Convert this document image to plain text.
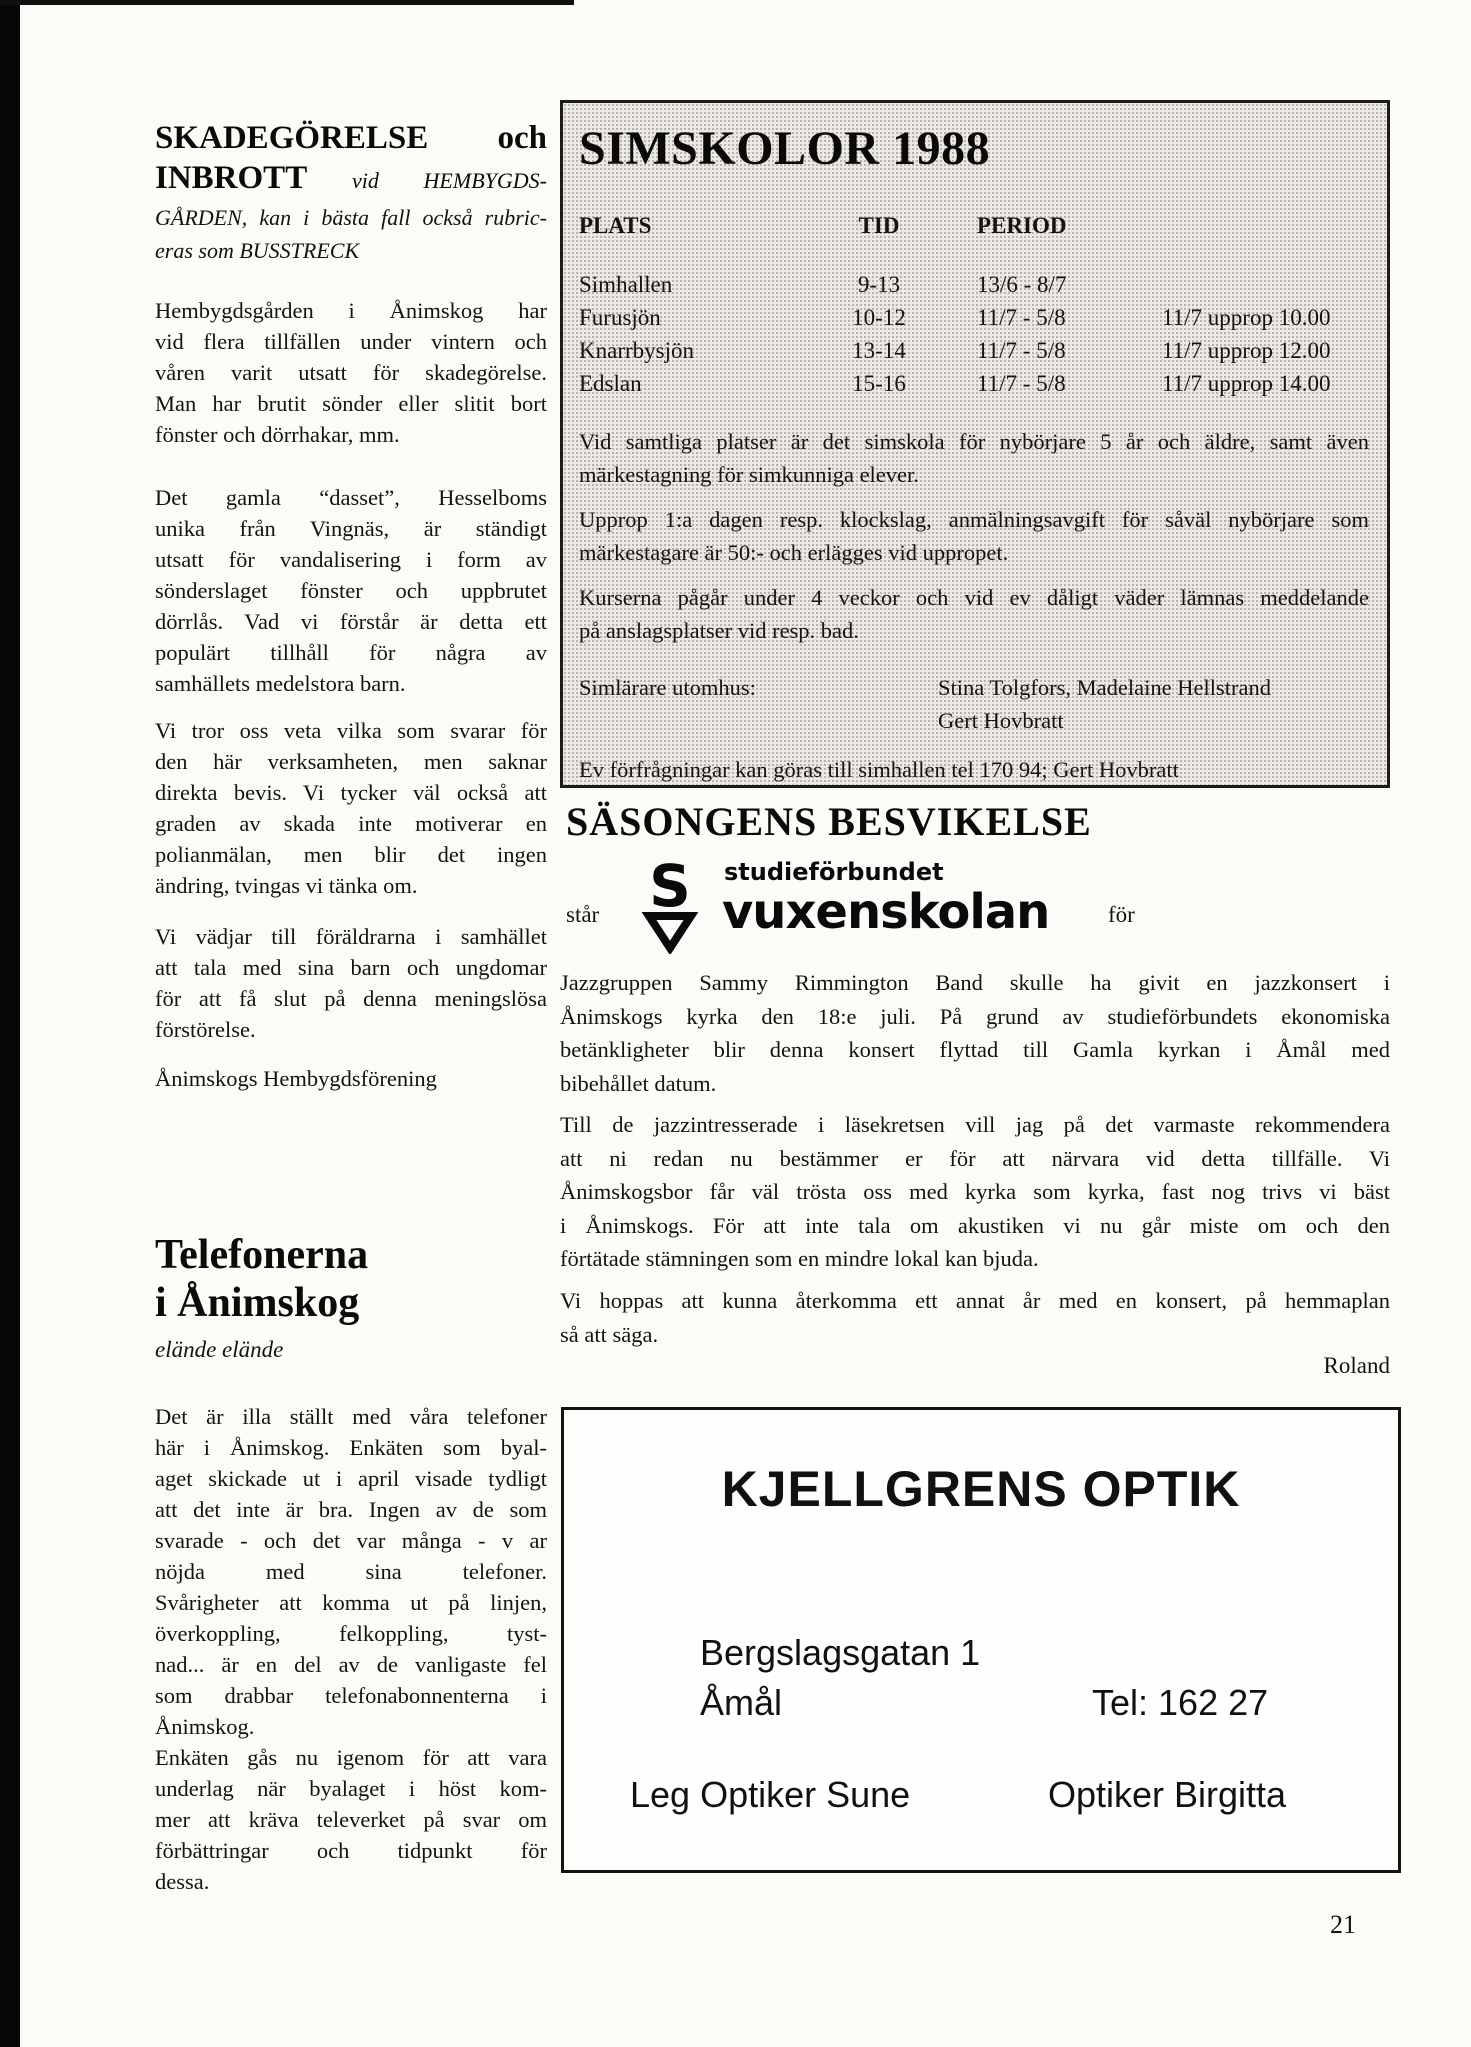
SKADEGÖRELSE och
INBROTT vid HEMBYGDS-
GÅRDEN, kan i bästa fall också rubric-
eras som BUSSTRECK
Hembygdsgården i Ånimskog har
vid flera tillfällen under vintern och
våren varit utsatt för skadegörelse.
Man har brutit sönder eller slitit bort
fönster och dörrhakar, mm.
Det gamla “dasset”, Hesselboms
unika från Vingnäs, är ständigt
utsatt för vandalisering i form av
sönderslaget fönster och uppbrutet
dörrlås. Vad vi förstår är detta ett
populärt tillhåll för några av
samhällets medelstora barn.
Vi tror oss veta vilka som svarar för
den här verksamheten, men saknar
direkta bevis. Vi tycker väl också att
graden av skada inte motiverar en
polianmälan, men blir det ingen
ändring, tvingas vi tänka om.
Vi vädjar till föräldrarna i samhället
att tala med sina barn och ungdomar
för att få slut på denna meningslösa
förstörelse.
Ånimskogs Hembygdsförening
Telefonerna
i Ånimskog
elände elände
Det är illa ställt med våra telefoner
här i Ånimskog. Enkäten som byal-
aget skickade ut i april visade tydligt
att det inte är bra. Ingen av de som
svarade - och det var många - v ar
nöjda med sina telefoner.
Svårigheter att komma ut på linjen,
överkoppling, felkoppling, tyst-
nad... är en del av de vanligaste fel
som drabbar telefonabonnenterna i
Ånimskog.
Enkäten gås nu igenom för att vara
underlag när byalaget i höst kom-
mer att kräva televerket på svar om
förbättringar och tidpunkt för
dessa.
SIMSKOLOR 1988
PLATS	TID	PERIOD
Simhallen	9-13	13/6 - 8/7
Furusjön	10-12	11/7 - 5/8	11/7 upprop 10.00
Knarrbysjön	13-14	11/7 - 5/8	11/7 upprop 12.00
Edslan	15-16	11/7 - 5/8	11/7 upprop 14.00
Vid samtliga platser är det simskola för nybörjare 5 år och äldre, samt även
märkestagning för simkunniga elever.
Upprop 1:a dagen resp. klockslag, anmälningsavgift för såväl nybörjare som
märkestagare är 50:- och erlägges vid uppropet.
Kurserna pågår under 4 veckor och vid ev dåligt väder lämnas meddelande
på anslagsplatser vid resp. bad.
Simlärare utomhus:	Stina Tolgfors, Madelaine Hellstrand
Gert Hovbratt
Ev förfrågningar kan göras till simhallen tel 170 94; Gert Hovbratt
SÄSONGENS BESVIKELSE
står S studieförbundet
vuxenskolan	för
Jazzgruppen Sammy Rimmington Band skulle ha givit en jazzkonsert i
Ånimskogs kyrka den 18:e juli. På grund av studieförbundets ekonomiska
betänkligheter blir denna konsert flyttad till Gamla kyrkan i Åmål med
bibehållet datum.
Till de jazzintresserade i läsekretsen vill jag på det varmaste rekommendera
att ni redan nu bestämmer er för att närvara vid detta tillfälle. Vi
Ånimskogsbor får väl trösta oss med kyrka som kyrka, fast nog trivs vi bäst
i Ånimskogs. För att inte tala om akustiken vi nu går miste om och den
förtätade stämningen som en mindre lokal kan bjuda.
Vi hoppas att kunna återkomma ett annat år med en konsert, på hemmaplan
så att säga.
Roland
KJELLGRENS OPTIK
Bergslagsgatan 1
Åmål	Tel: 162 27
Leg Optiker Sune	Optiker Birgitta
21
